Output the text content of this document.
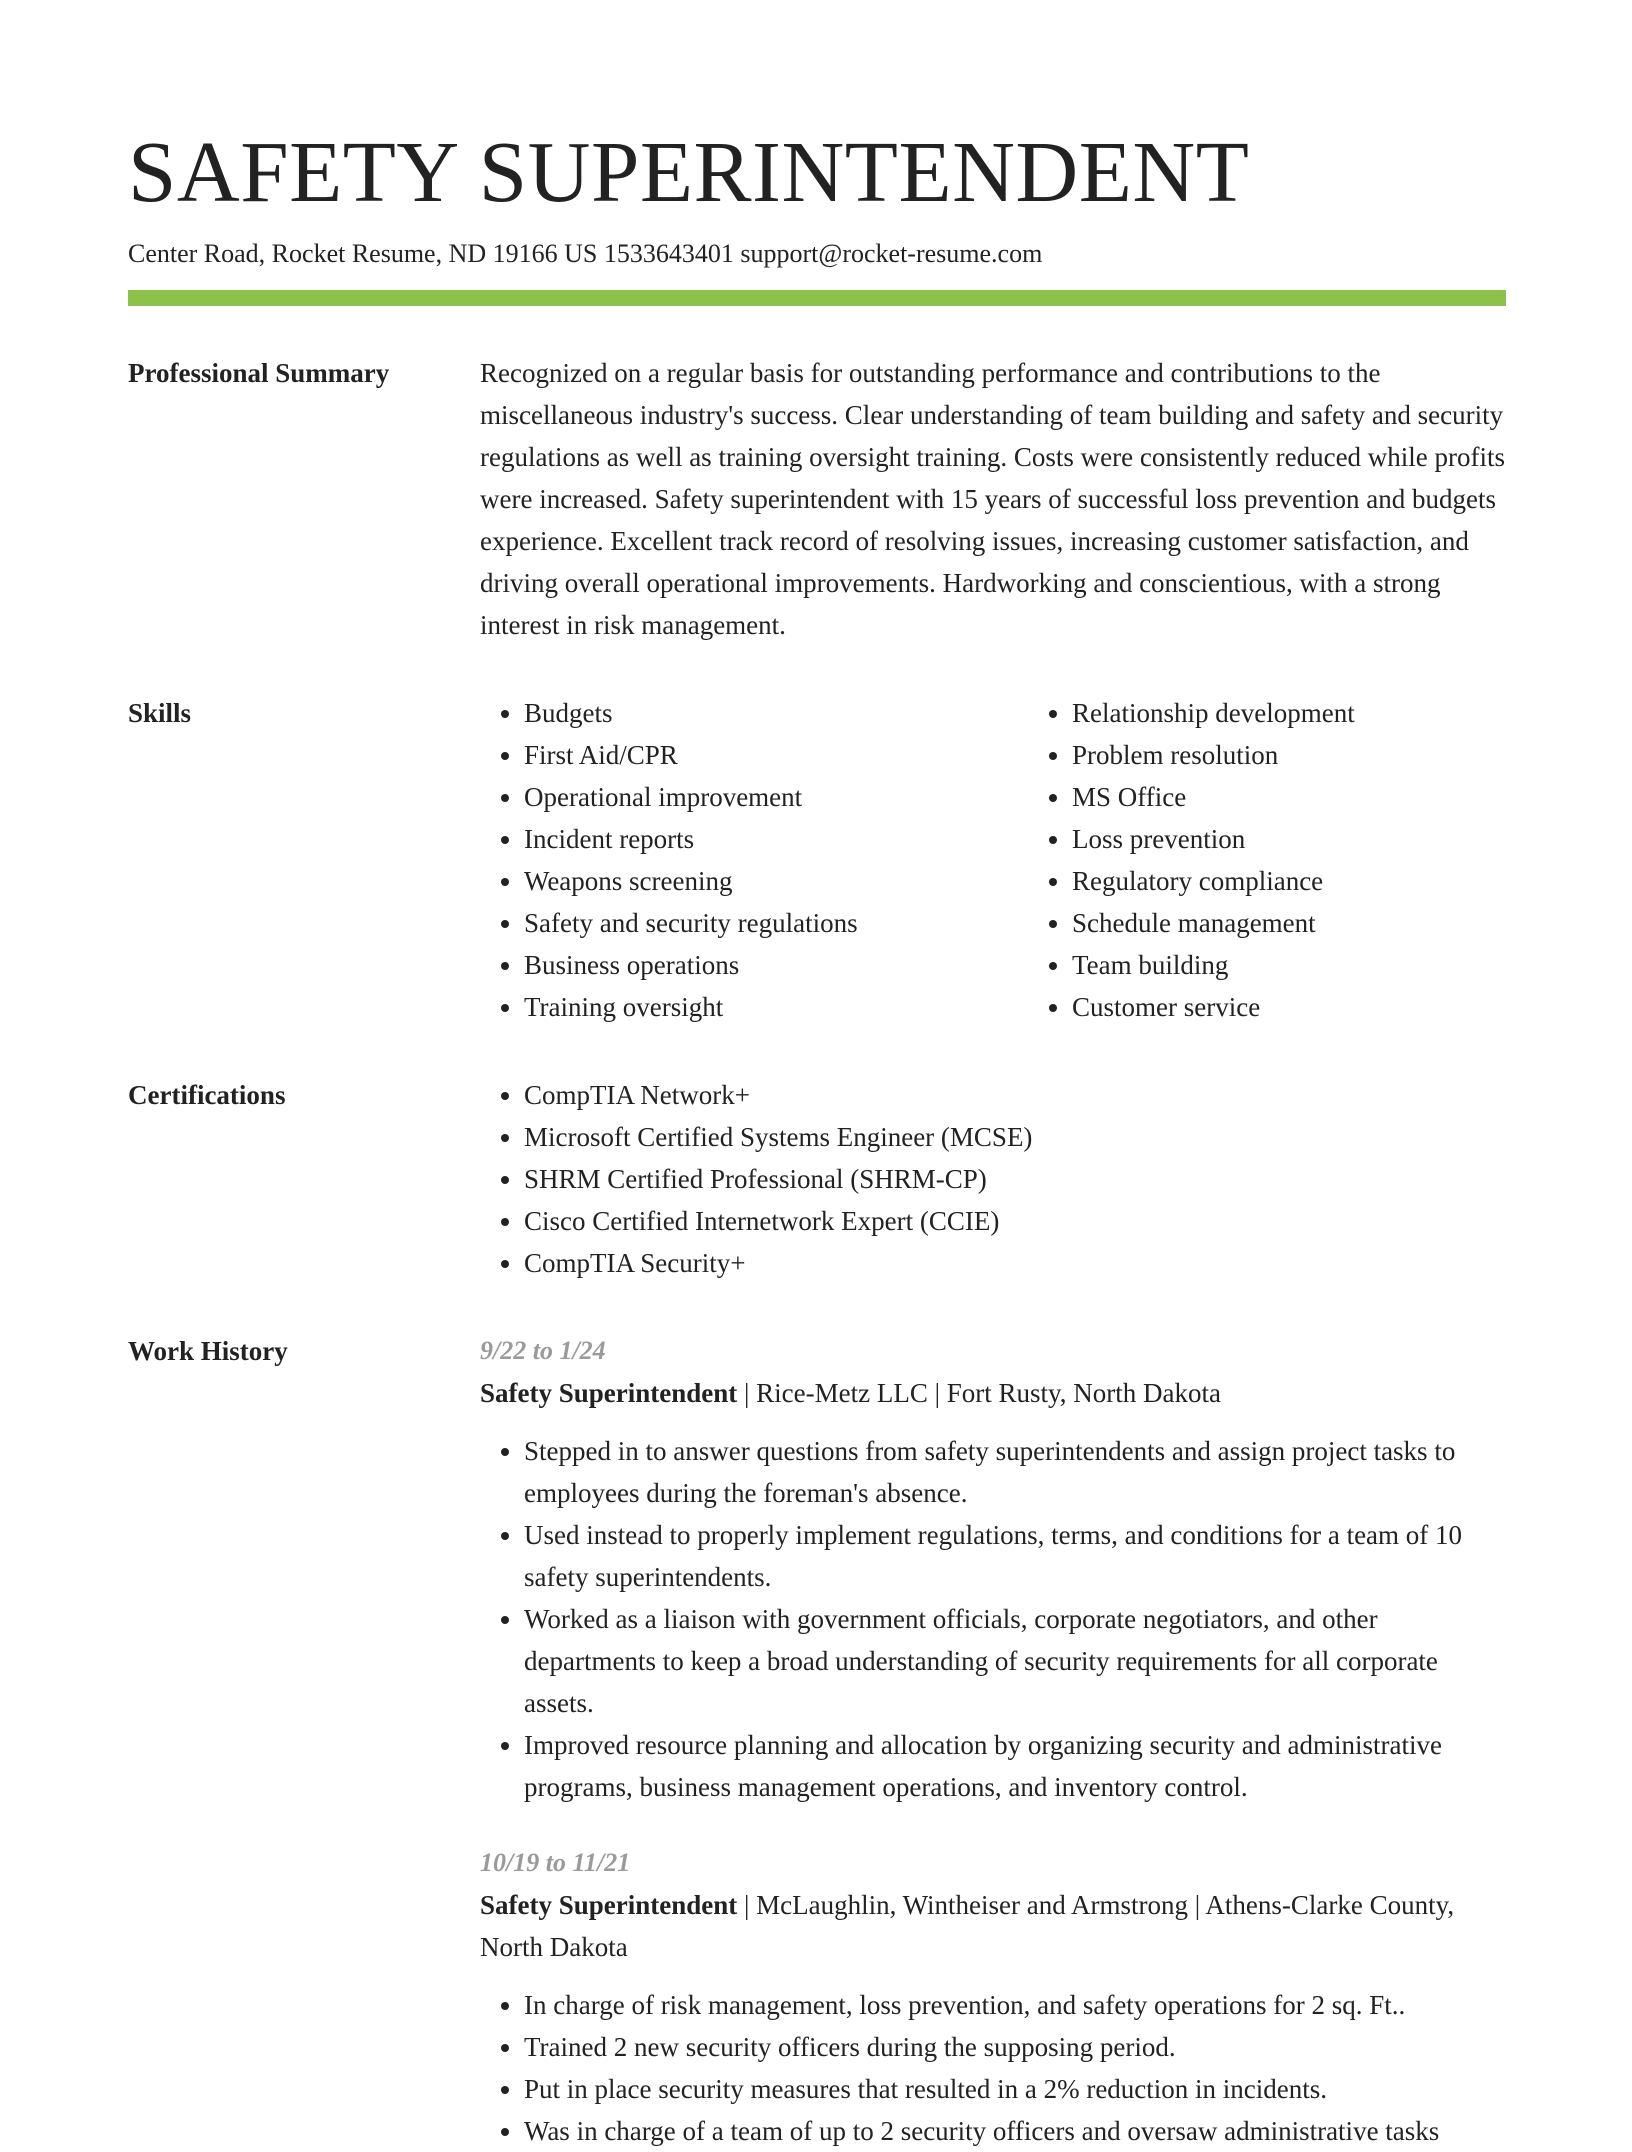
SAFETY SUPERINTENDENT
Center Road, Rocket Resume, ND 19166 US 1533643401 support@rocket-resume.com
Professional Summary	Recognized on a regular basis for outstanding performance and contributions to the miscellaneous industry's success. Clear understanding of team building and safety and security regulations as well as training oversight training. Costs were consistently reduced while profits were increased. Safety superintendent with 15 years of successful loss prevention and budgets experience. Excellent track record of resolving issues, increasing customer satisfaction, and driving overall operational improvements. Hardworking and conscientious, with a strong interest in risk management.

Skills	• Budgets
• First Aid/CPR
• Operational improvement
• Incident reports
• Weapons screening
• Safety and security regulations
• Business operations
• Training oversight
• Relationship development
• Problem resolution
• MS Office
• Loss prevention
• Regulatory compliance
• Schedule management
• Team building
• Customer service
Certifications	• CompTIA Network+
• Microsoft Certified Systems Engineer (MCSE)
• SHRM Certified Professional (SHRM-CP)
• Cisco Certified Internetwork Expert (CCIE)
• CompTIA Security+
Work History	9/22 to 1/24
Safety Superintendent | Rice-Metz LLC | Fort Rusty, North Dakota
• Stepped in to answer questions from safety superintendents and assign project tasks to employees during the foreman's absence.
• Used instead to properly implement regulations, terms, and conditions for a team of 10 safety superintendents.
• Worked as a liaison with government officials, corporate negotiators, and other departments to keep a broad understanding of security requirements for all corporate assets.
• Improved resource planning and allocation by organizing security and administrative programs, business management operations, and inventory control.
10/19 to 11/21
Safety Superintendent | McLaughlin, Wintheiser and Armstrong | Athens-Clarke County, North Dakota
• In charge of risk management, loss prevention, and safety operations for 2 sq. Ft..
• Trained 2 new security officers during the supposing period.
• Put in place security measures that resulted in a 2% reduction in incidents.
• Was in charge of a team of up to 2 security officers and oversaw administrative tasks
